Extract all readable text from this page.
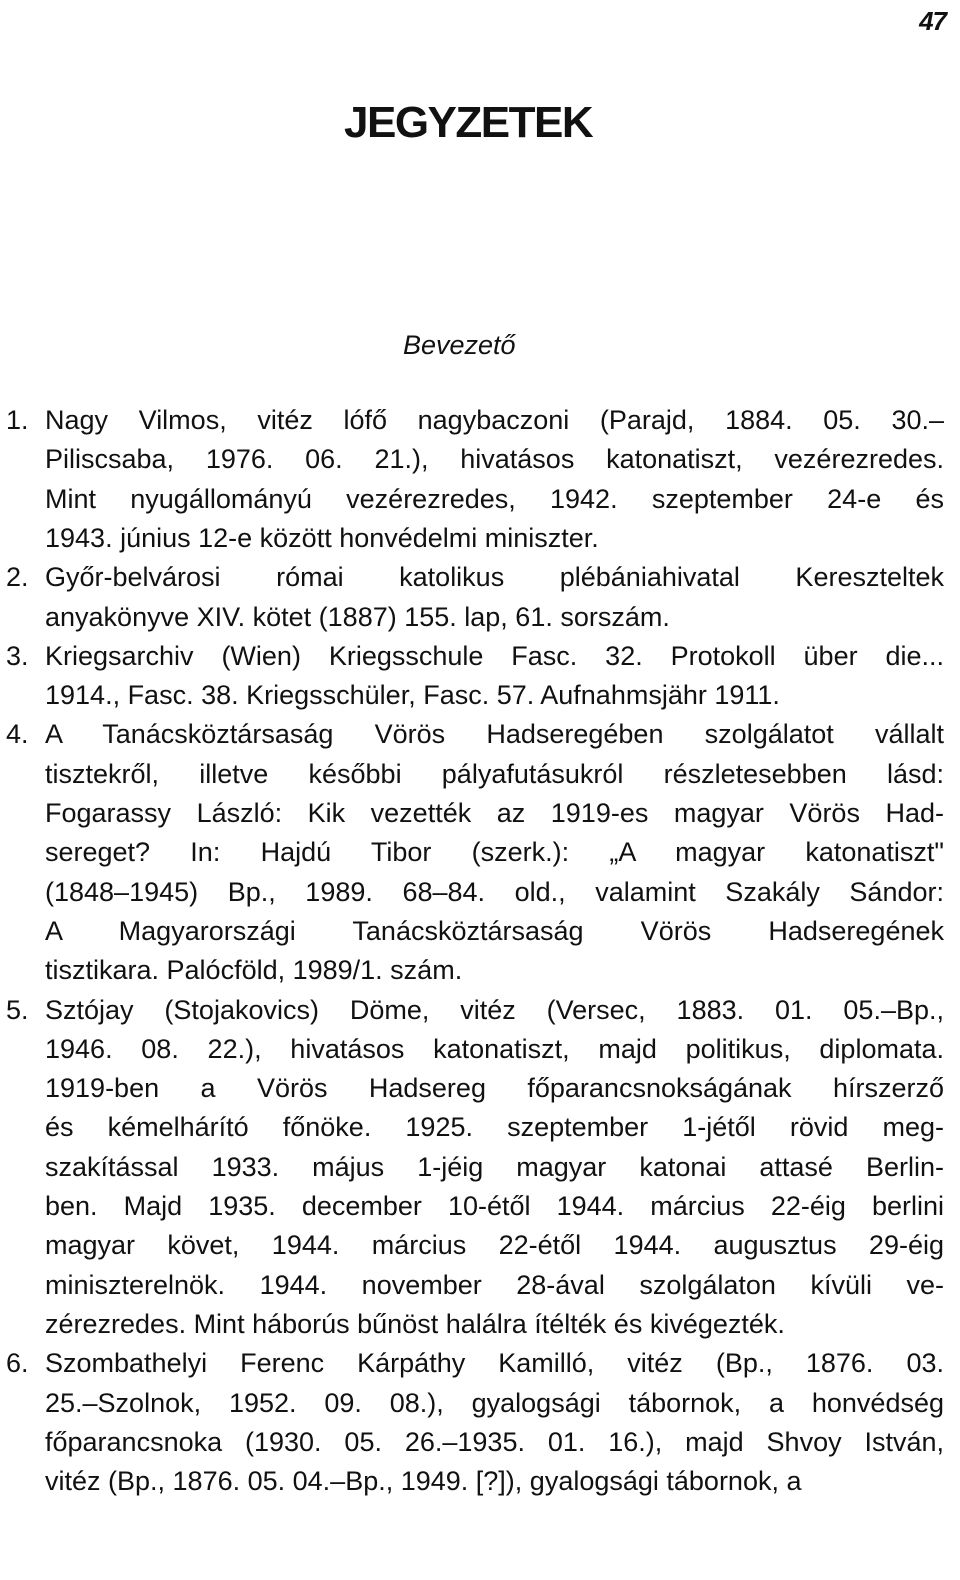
47
JEGYZETEK
Bevezető
1. Nagy Vilmos, vitéz lófő nagybaczoni (Parajd, 1884. 05. 30.–
Piliscsaba, 1976. 06. 21.), hivatásos katonatiszt, vezérezredes.
Mint nyugállományú vezérezredes, 1942. szeptember 24-e és
1943. június 12-e között honvédelmi miniszter.
2. Győr-belvárosi római katolikus plébániahivatal Kereszteltek
anyakönyve XIV. kötet (1887) 155. lap, 61. sorszám.
3. Kriegsarchiv (Wien) Kriegsschule Fasc. 32. Protokoll über die...
1914., Fasc. 38. Kriegsschüler, Fasc. 57. Aufnahmsjähr 1911.
4. A Tanácsköztársaság Vörös Hadseregében szolgálatot vállalt
tisztekről, illetve későbbi pályafutásukról részletesebben lásd:
Fogarassy László: Kik vezették az 1919-es magyar Vörös Had-
sereget? In: Hajdú Tibor (szerk.): „A magyar katonatiszt"
(1848–1945) Bp., 1989. 68–84. old., valamint Szakály Sándor:
A Magyarországi Tanácsköztársaság Vörös Hadseregének
tisztikara. Palócföld, 1989/1. szám.
5. Sztójay (Stojakovics) Döme, vitéz (Versec, 1883. 01. 05.–Bp.,
1946. 08. 22.), hivatásos katonatiszt, majd politikus, diplomata.
1919-ben a Vörös Hadsereg főparancsnokságának hírszerző
és kémelhárító főnöke. 1925. szeptember 1-jétől rövid meg-
szakítással 1933. május 1-jéig magyar katonai attasé Berlin-
ben. Majd 1935. december 10-étől 1944. március 22-éig berlini
magyar követ, 1944. március 22-étől 1944. augusztus 29-éig
miniszterelnök. 1944. november 28-ával szolgálaton kívüli ve-
zérezredes. Mint háborús bűnöst halálra ítélték és kivégezték.
6. Szombathelyi Ferenc Kárpáthy Kamilló, vitéz (Bp., 1876. 03.
25.–Szolnok, 1952. 09. 08.), gyalogsági tábornok, a honvédség
főparancsnoka (1930. 05. 26.–1935. 01. 16.), majd Shvoy István,
vitéz (Bp., 1876. 05. 04.–Bp., 1949. [?]), gyalogsági tábornok, a
